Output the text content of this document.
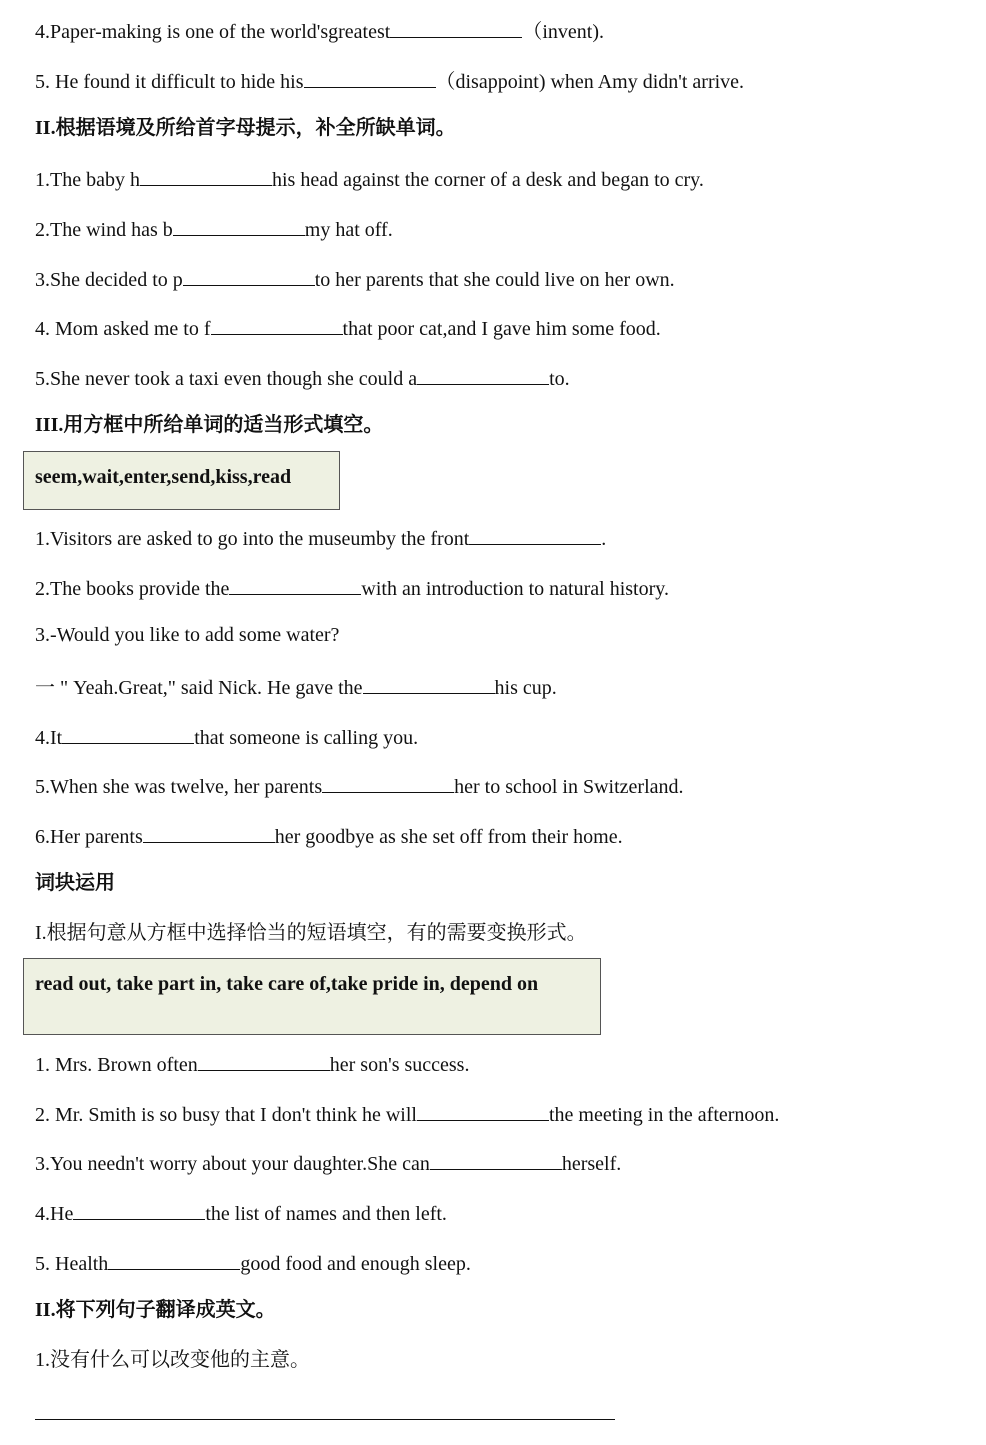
4.Paper-making is one of the world'sgreatest	（invent).
5. He found it difficult to hide his	（disappoint) when Amy didn't arrive.
II.根据语境及所给首字母提示，补全所缺单词。
1.The baby h	his head against the corner of a desk and began to cry.
2.The wind has b	my hat off.
3.She decided to p	to her parents that she could live on her own.
4. Mom asked me to f	that poor cat,and I gave him some food.
5.She never took a taxi even though she could a	to.
III.用方框中所给单词的适当形式填空。
seem,wait,enter,send,kiss,read
1.Visitors are asked to go into the museumby the front	.
2.The books provide the	with an introduction to natural history.
3.-Would you like to add some water?
一 " Yeah.Great," said Nick. He gave the	his cup.
4.It	that someone is calling you.
5.When she was twelve, her parents	her to school in Switzerland.
6.Her parents	her goodbye as she set off from their home.
词块运用
I.根据句意从方框中选择恰当的短语填空，有的需要变换形式。
read out, take part in, take care of,take pride in, depend on
1. Mrs. Brown often	her son's success.
2. Mr. Smith is so busy that I don't think he will	the meeting in the afternoon.
3.You needn't worry about your daughter.She can	herself.
4.He	the list of names and then left.
5. Health	good food and enough sleep.
II.将下列句子翻译成英文。
1.没有什么可以改变他的主意。
